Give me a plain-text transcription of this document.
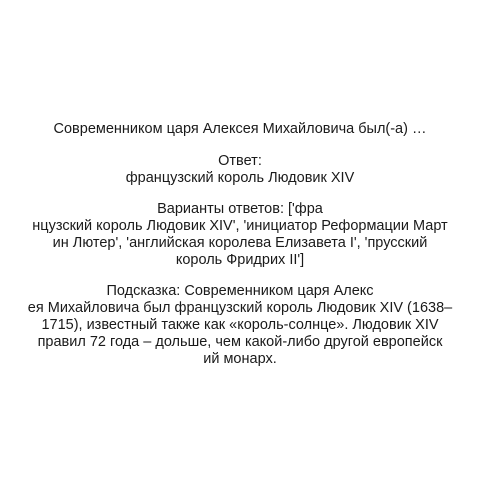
Современником царя Алексея Михайловича был(-а) …
Ответ:
французский король Людовик XIV
Варианты ответов: ['фра
нцузский король Людовик XIV', 'инициатор Реформации Март
ин Лютер', 'английская королева Елизавета I', 'прусский
король Фридрих II']
Подсказка: Современником царя Алекс
ея Михайловича был французский король Людовик XIV (1638–
1715), известный также как «король-солнце». Людовик XIV
правил 72 года – дольше, чем какой-либо другой европейск
ий монарх.
